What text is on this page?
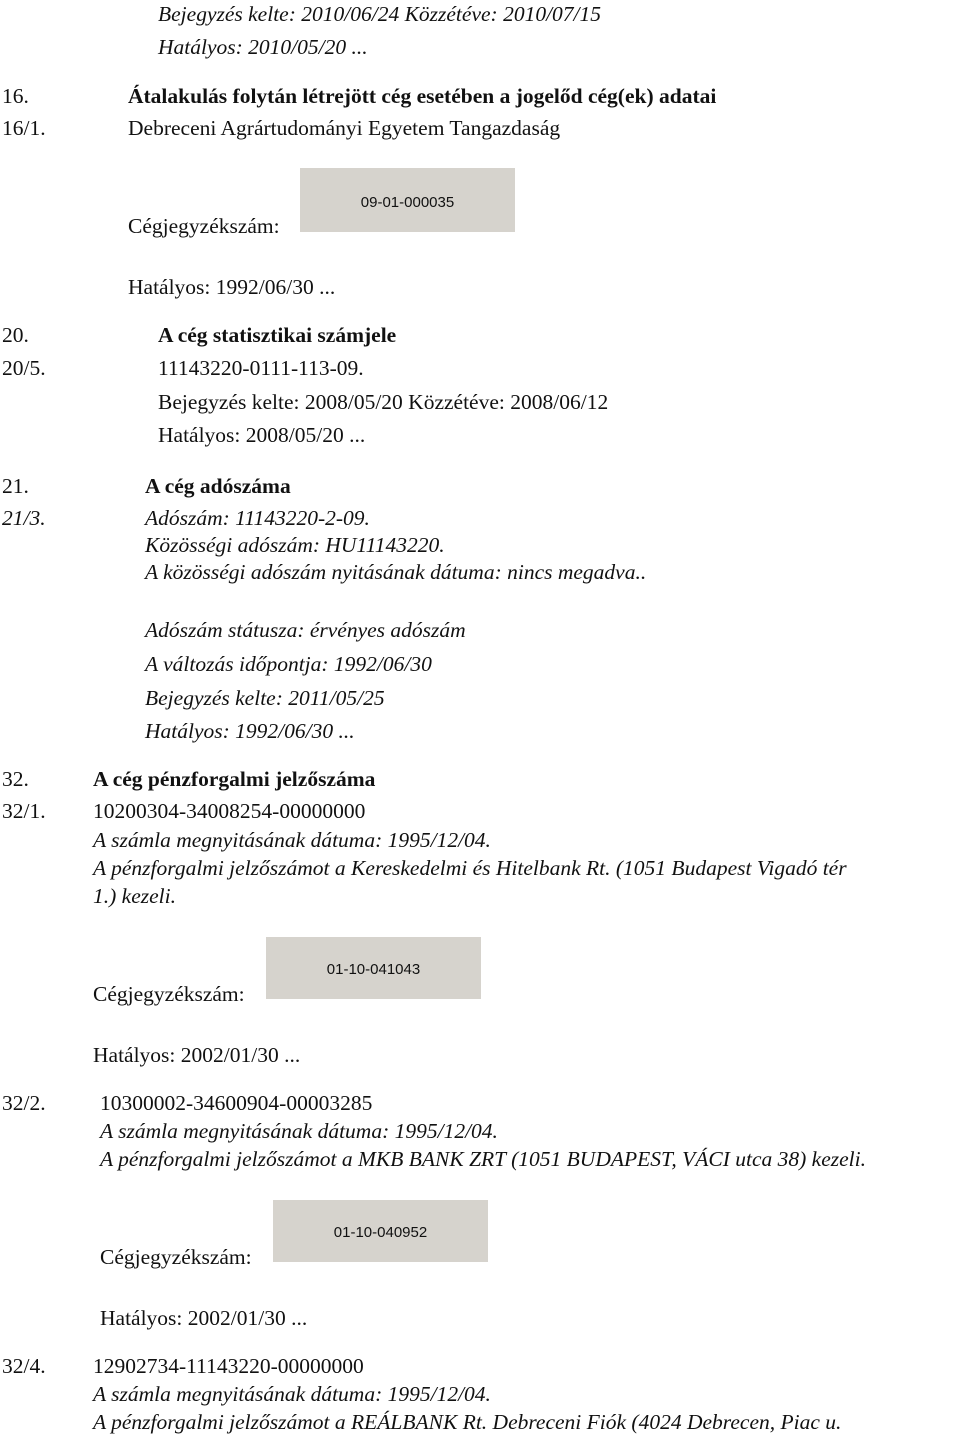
Bejegyzés kelte: 2010/06/24 Közzétéve: 2010/07/15
Hatályos: 2010/05/20 ...
16.	Átalakulás folytán létrejött cég esetében a jogelőd cég(ek) adatai
16/1.	Debreceni Agrártudományi Egyetem Tangazdaság
Cégjegyzékszám:
09-01-000035
Hatályos: 1992/06/30 ...
20.	A cég statisztikai számjele
20/5.	11143220-0111-113-09.
Bejegyzés kelte: 2008/05/20 Közzétéve: 2008/06/12
Hatályos: 2008/05/20 ...
21.	A cég adószáma
21/3.	Adószám: 11143220-2-09.
Közösségi adószám: HU11143220.
A közösségi adószám nyitásának dátuma: nincs megadva..
Adószám státusza: érvényes adószám
A változás időpontja: 1992/06/30
Bejegyzés kelte: 2011/05/25
Hatályos: 1992/06/30 ...
32.	A cég pénzforgalmi jelzőszáma
32/1. 10200304-34008254-00000000
A számla megnyitásának dátuma: 1995/12/04.
A pénzforgalmi jelzőszámot a Kereskedelmi és Hitelbank Rt. (1051 Budapest Vigadó tér
1.) kezeli.
Cégjegyzékszám:
01-10-041043
Hatályos: 2002/01/30 ...
32/2.	10300002-34600904-00003285
A számla megnyitásának dátuma: 1995/12/04.
A pénzforgalmi jelzőszámot a MKB BANK ZRT (1051 BUDAPEST, VÁCI utca 38) kezeli.
Cégjegyzékszám:
01-10-040952
Hatályos: 2002/01/30 ...
32/4. 12902734-11143220-00000000
A számla megnyitásának dátuma: 1995/12/04.
A pénzforgalmi jelzőszámot a REÁLBANK Rt. Debreceni Fiók (4024 Debrecen, Piac u.
